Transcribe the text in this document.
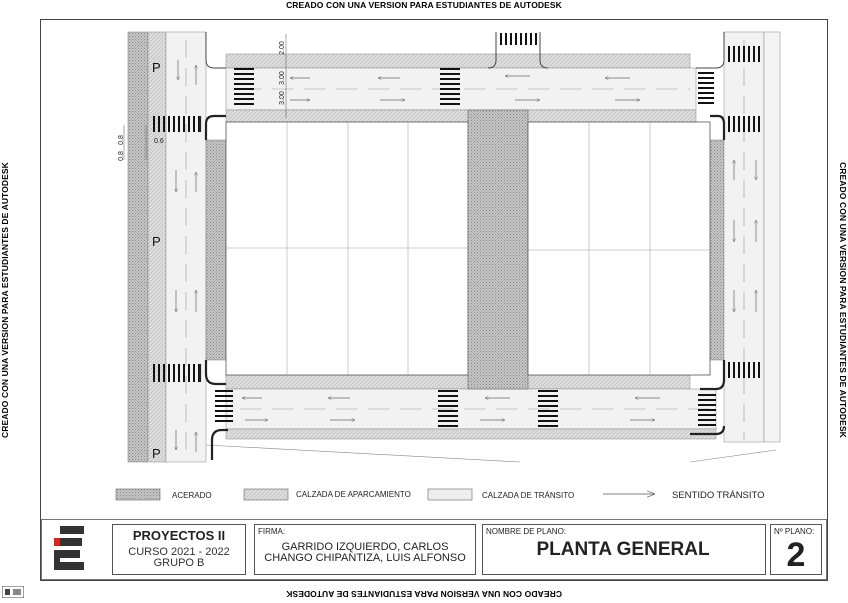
CREADO CON UNA VERSION PARA ESTUDIANTES DE AUTODESK
CREADO CON UNA VERSION PARA ESTUDIANTES DE AUTODESK
CREADO CON UNA VERSION PARA ESTUDIANTES DE AUTODESK	CREADO CON UNA VERSION PARA ESTUDIANTES DE AUTODESK
2.00
3.00
3.00
0.8
0.8
0.6
P
P
P
ACERADO	CALZADA DE APARCAMIENTO	CALZADA DE TRÁNSITO	SENTIDO TRÁNSITO
PROYECTOS II
CURSO 2021 - 2022
GRUPO B
FIRMA:
GARRIDO IZQUIERDO, CARLOS
CHANGO CHIPANTIZA, LUIS ALFONSO
NOMBRE DE PLANO:
PLANTA GENERAL
Nº PLANO:
2
